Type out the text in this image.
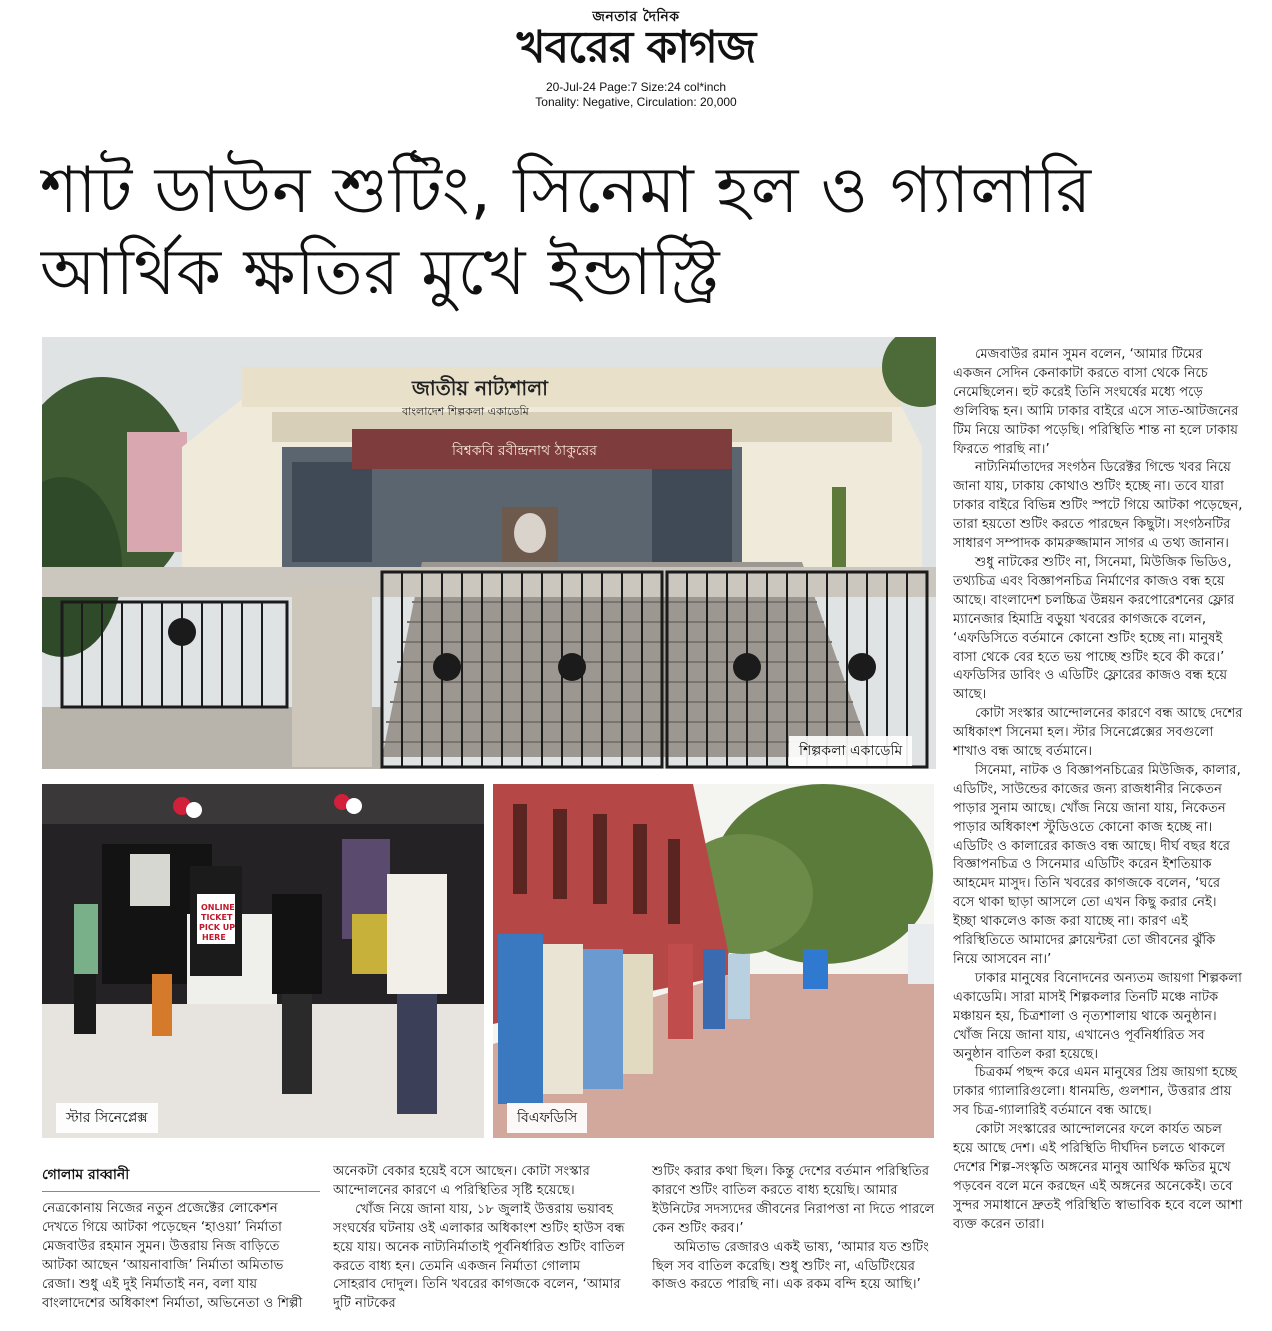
জনতার দৈনিক
খবরের কাগজ
20-Jul-24 Page:7 Size:24 col*inch
Tonality: Negative, Circulation: 20,000
শাট ডাউন শুটিং, সিনেমা হল ও গ্যালারি
আর্থিক ক্ষতির মুখে ইন্ডাস্ট্রি
জাতীয় নাট্যশালা
বাংলাদেশ শিল্পকলা একাডেমি
বিশ্বকবি রবীন্দ্রনাথ ঠাকুরের
শিল্পকলা একাডেমি
ONLINE
TICKET
PICK UP
HERE
স্টার সিনেপ্লেক্স	বিএফডিসি

মেজবাউর রমান সুমন বলেন, ‘আমার টিমের একজন সেদিন কেনাকাটা করতে বাসা থেকে নিচে নেমেছিলেন। হুট করেই তিনি সংঘর্ষের মধ্যে পড়ে গুলিবিদ্ধ হন। আমি ঢাকার বাইরে এসে সাত-আটজনের টিম নিয়ে আটকা পড়েছি। পরিস্থিতি শান্ত না হলে ঢাকায় ফিরতে পারছি না।’

নাট্যনির্মাতাদের সংগঠন ডিরেক্টর গিল্ডে খবর নিয়ে জানা যায়, ঢাকায় কোথাও শুটিং হচ্ছে না। তবে যারা ঢাকার বাইরে বিভিন্ন শুটিং স্পটে গিয়ে আটকা পড়েছেন, তারা হয়তো শুটিং করতে পারছেন কিছুটা। সংগঠনটির সাধারণ সম্পাদক কামরুজ্জামান সাগর এ তথ্য জানান।

শুধু নাটকের শুটিং না, সিনেমা, মিউজিক ভিডিও, তথ্যচিত্র এবং বিজ্ঞাপনচিত্র নির্মাণের কাজও বন্ধ হয়ে আছে। বাংলাদেশ চলচ্চিত্র উন্নয়ন করপোরেশনের ফ্লোর ম্যানেজার হিমাদ্রি বড়ুয়া খবরের কাগজকে বলেন, ‘এফডিসিতে বর্তমানে কোনো শুটিং হচ্ছে না। মানুষই বাসা থেকে বের হতে ভয় পাচ্ছে শুটিং হবে কী করে।’ এফডিসির ডাবিং ও এডিটিং ফ্লোরের কাজও বন্ধ হয়ে আছে।

কোটা সংস্কার আন্দোলনের কারণে বন্ধ আছে দেশের অধিকাংশ সিনেমা হল। স্টার সিনেপ্লেক্সের সবগুলো শাখাও বন্ধ আছে বর্তমানে।

সিনেমা, নাটক ও বিজ্ঞাপনচিত্রের মিউজিক, কালার, এডিটিং, সাউন্ডের কাজের জন্য রাজধানীর নিকেতন পাড়ার সুনাম আছে। খোঁজ নিয়ে জানা যায়, নিকেতন পাড়ার অধিকাংশ স্টুডিওতে কোনো কাজ হচ্ছে না। এডিটিং ও কালারের কাজও বন্ধ আছে। দীর্ঘ বছর ধরে বিজ্ঞাপনচিত্র ও সিনেমার এডিটিং করেন ইশতিয়াক আহমেদ মাসুদ। তিনি খবরের কাগজকে বলেন, ‘ঘরে বসে থাকা ছাড়া আসলে তো এখন কিছু করার নেই। ইচ্ছা থাকলেও কাজ করা যাচ্ছে না। কারণ এই পরিস্থিতিতে আমাদের ক্লায়েন্টরা তো জীবনের ঝুঁকি নিয়ে আসবেন না।’

ঢাকার মানুষের বিনোদনের অন্যতম জায়গা শিল্পকলা একাডেমি। সারা মাসই শিল্পকলার তিনটি মঞ্চে নাটক মঞ্চায়ন হয়, চিত্রশালা ও নৃত্যশালায় থাকে অনুষ্ঠান। খোঁজ নিয়ে জানা যায়, এখানেও পূর্বনির্ধারিত সব অনুষ্ঠান বাতিল করা হয়েছে।

চিত্রকর্ম পছন্দ করে এমন মানুষের প্রিয় জায়গা হচ্ছে ঢাকার গ্যালারিগুলো। ধানমন্ডি, গুলশান, উত্তরার প্রায় সব চিত্র-গ্যালারিই বর্তমানে বন্ধ আছে।

কোটা সংস্কারের আন্দোলনের ফলে কার্যত অচল হয়ে আছে দেশ। এই পরিস্থিতি দীর্ঘদিন চলতে থাকলে দেশের শিল্প-সংস্কৃতি অঙ্গনের মানুষ আর্থিক ক্ষতির মুখে পড়বেন বলে মনে করছেন এই অঙ্গনের অনেকেই। তবে সুন্দর সমাধানে দ্রুতই পরিস্থিতি স্বাভাবিক হবে বলে আশা ব্যক্ত করেন তারা।

গোলাম রাব্বানী

নেত্রকোনায় নিজের নতুন প্রজেক্টের লোকেশন দেখতে গিয়ে আটকা পড়েছেন ‘হাওয়া’ নির্মাতা মেজবাউর রহমান সুমন। উত্তরায় নিজ বাড়িতে আটকা আছেন ‘আয়নাবাজি’ নির্মাতা অমিতাভ রেজা। শুধু এই দুই নির্মাতাই নন, বলা যায় বাংলাদেশের অধিকাংশ নির্মাতা, অভিনেতা ও শিল্পী

অনেকটা বেকার হয়েই বসে আছেন। কোটা সংস্কার আন্দোলনের কারণে এ পরিস্থিতির সৃষ্টি হয়েছে।

খোঁজ নিয়ে জানা যায়, ১৮ জুলাই উত্তরায় ভয়াবহ সংঘর্ষের ঘটনায় ওই এলাকার অধিকাংশ শুটিং হাউস বন্ধ হয়ে যায়। অনেক নাট্যনির্মাতাই পূর্বনির্ধারিত শুটিং বাতিল করতে বাধ্য হন। তেমনি একজন নির্মাতা গোলাম সোহরাব দোদুল। তিনি খবরের কাগজকে বলেন, ‘আমার দুটি নাটকের

শুটিং করার কথা ছিল। কিন্তু দেশের বর্তমান পরিস্থিতির কারণে শুটিং বাতিল করতে বাধ্য হয়েছি। আমার ইউনিটের সদস্যদের জীবনের নিরাপত্তা না দিতে পারলে কেন শুটিং করব।’

অমিতাভ রেজারও একই ভাষ্য, ‘আমার যত শুটিং ছিল সব বাতিল করেছি। শুধু শুটিং না, এডিটিংয়ের কাজও করতে পারছি না। এক রকম বন্দি হয়ে আছি।’
